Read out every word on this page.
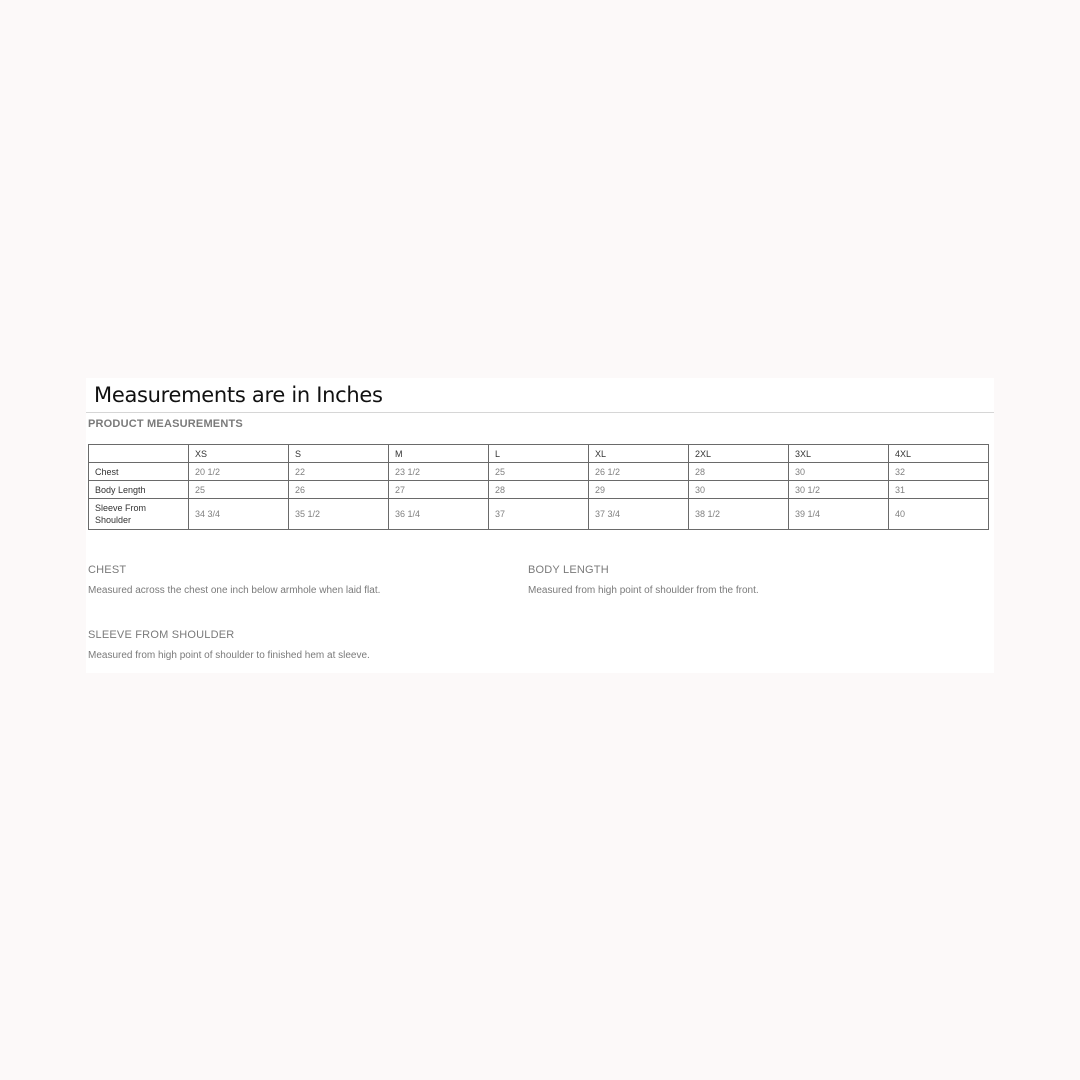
Measurements are in Inches
PRODUCT MEASUREMENTS
	XS	S	M	L	XL	2XL	3XL	4XL
Chest	20 1/2	22	23 1/2	25	26 1/2	28	30	32
Body Length	25	26	27	28	29	30	30 1/2	31
Sleeve From
Shoulder	34 3/4	35 1/2	36 1/4	37	37 3/4	38 1/2	39 1/4	40
CHEST
Measured across the chest one inch below armhole when laid flat.
BODY LENGTH
Measured from high point of shoulder from the front.
SLEEVE FROM SHOULDER
Measured from high point of shoulder to finished hem at sleeve.
